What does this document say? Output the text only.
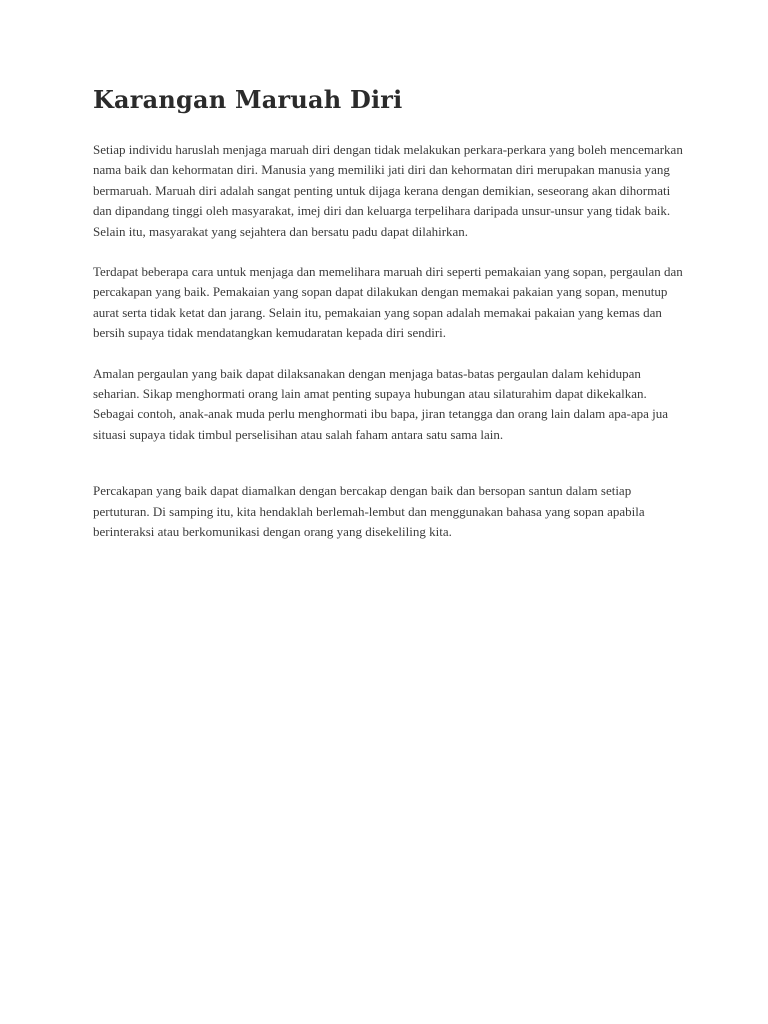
Karangan Maruah Diri

Setiap individu haruslah menjaga maruah diri dengan tidak melakukan perkara-perkara yang boleh mencemarkan nama baik dan kehormatan diri. Manusia yang memiliki jati diri dan kehormatan diri merupakan manusia yang bermaruah. Maruah diri adalah sangat penting untuk dijaga kerana dengan demikian, seseorang akan dihormati dan dipandang tinggi oleh masyarakat, imej diri dan keluarga terpelihara daripada unsur-unsur yang tidak baik. Selain itu, masyarakat yang sejahtera dan bersatu padu dapat dilahirkan.

Terdapat beberapa cara untuk menjaga dan memelihara maruah diri seperti pemakaian yang sopan, pergaulan dan percakapan yang baik. Pemakaian yang sopan dapat dilakukan dengan memakai pakaian yang sopan, menutup aurat serta tidak ketat dan jarang. Selain itu, pemakaian yang sopan adalah memakai pakaian yang kemas dan bersih supaya tidak mendatangkan kemudaratan kepada diri sendiri.

Amalan pergaulan yang baik dapat dilaksanakan dengan menjaga batas-batas pergaulan dalam kehidupan seharian. Sikap menghormati orang lain amat penting supaya hubungan atau silaturahim dapat dikekalkan. Sebagai contoh, anak-anak muda perlu menghormati ibu bapa, jiran tetangga dan orang lain dalam apa-apa jua situasi supaya tidak timbul perselisihan atau salah faham antara satu sama lain.

Percakapan yang baik dapat diamalkan dengan bercakap dengan baik dan bersopan santun dalam setiap pertuturan. Di samping itu, kita hendaklah berlemah-lembut dan menggunakan bahasa yang sopan apabila berinteraksi atau berkomunikasi dengan orang yang disekeliling kita.
